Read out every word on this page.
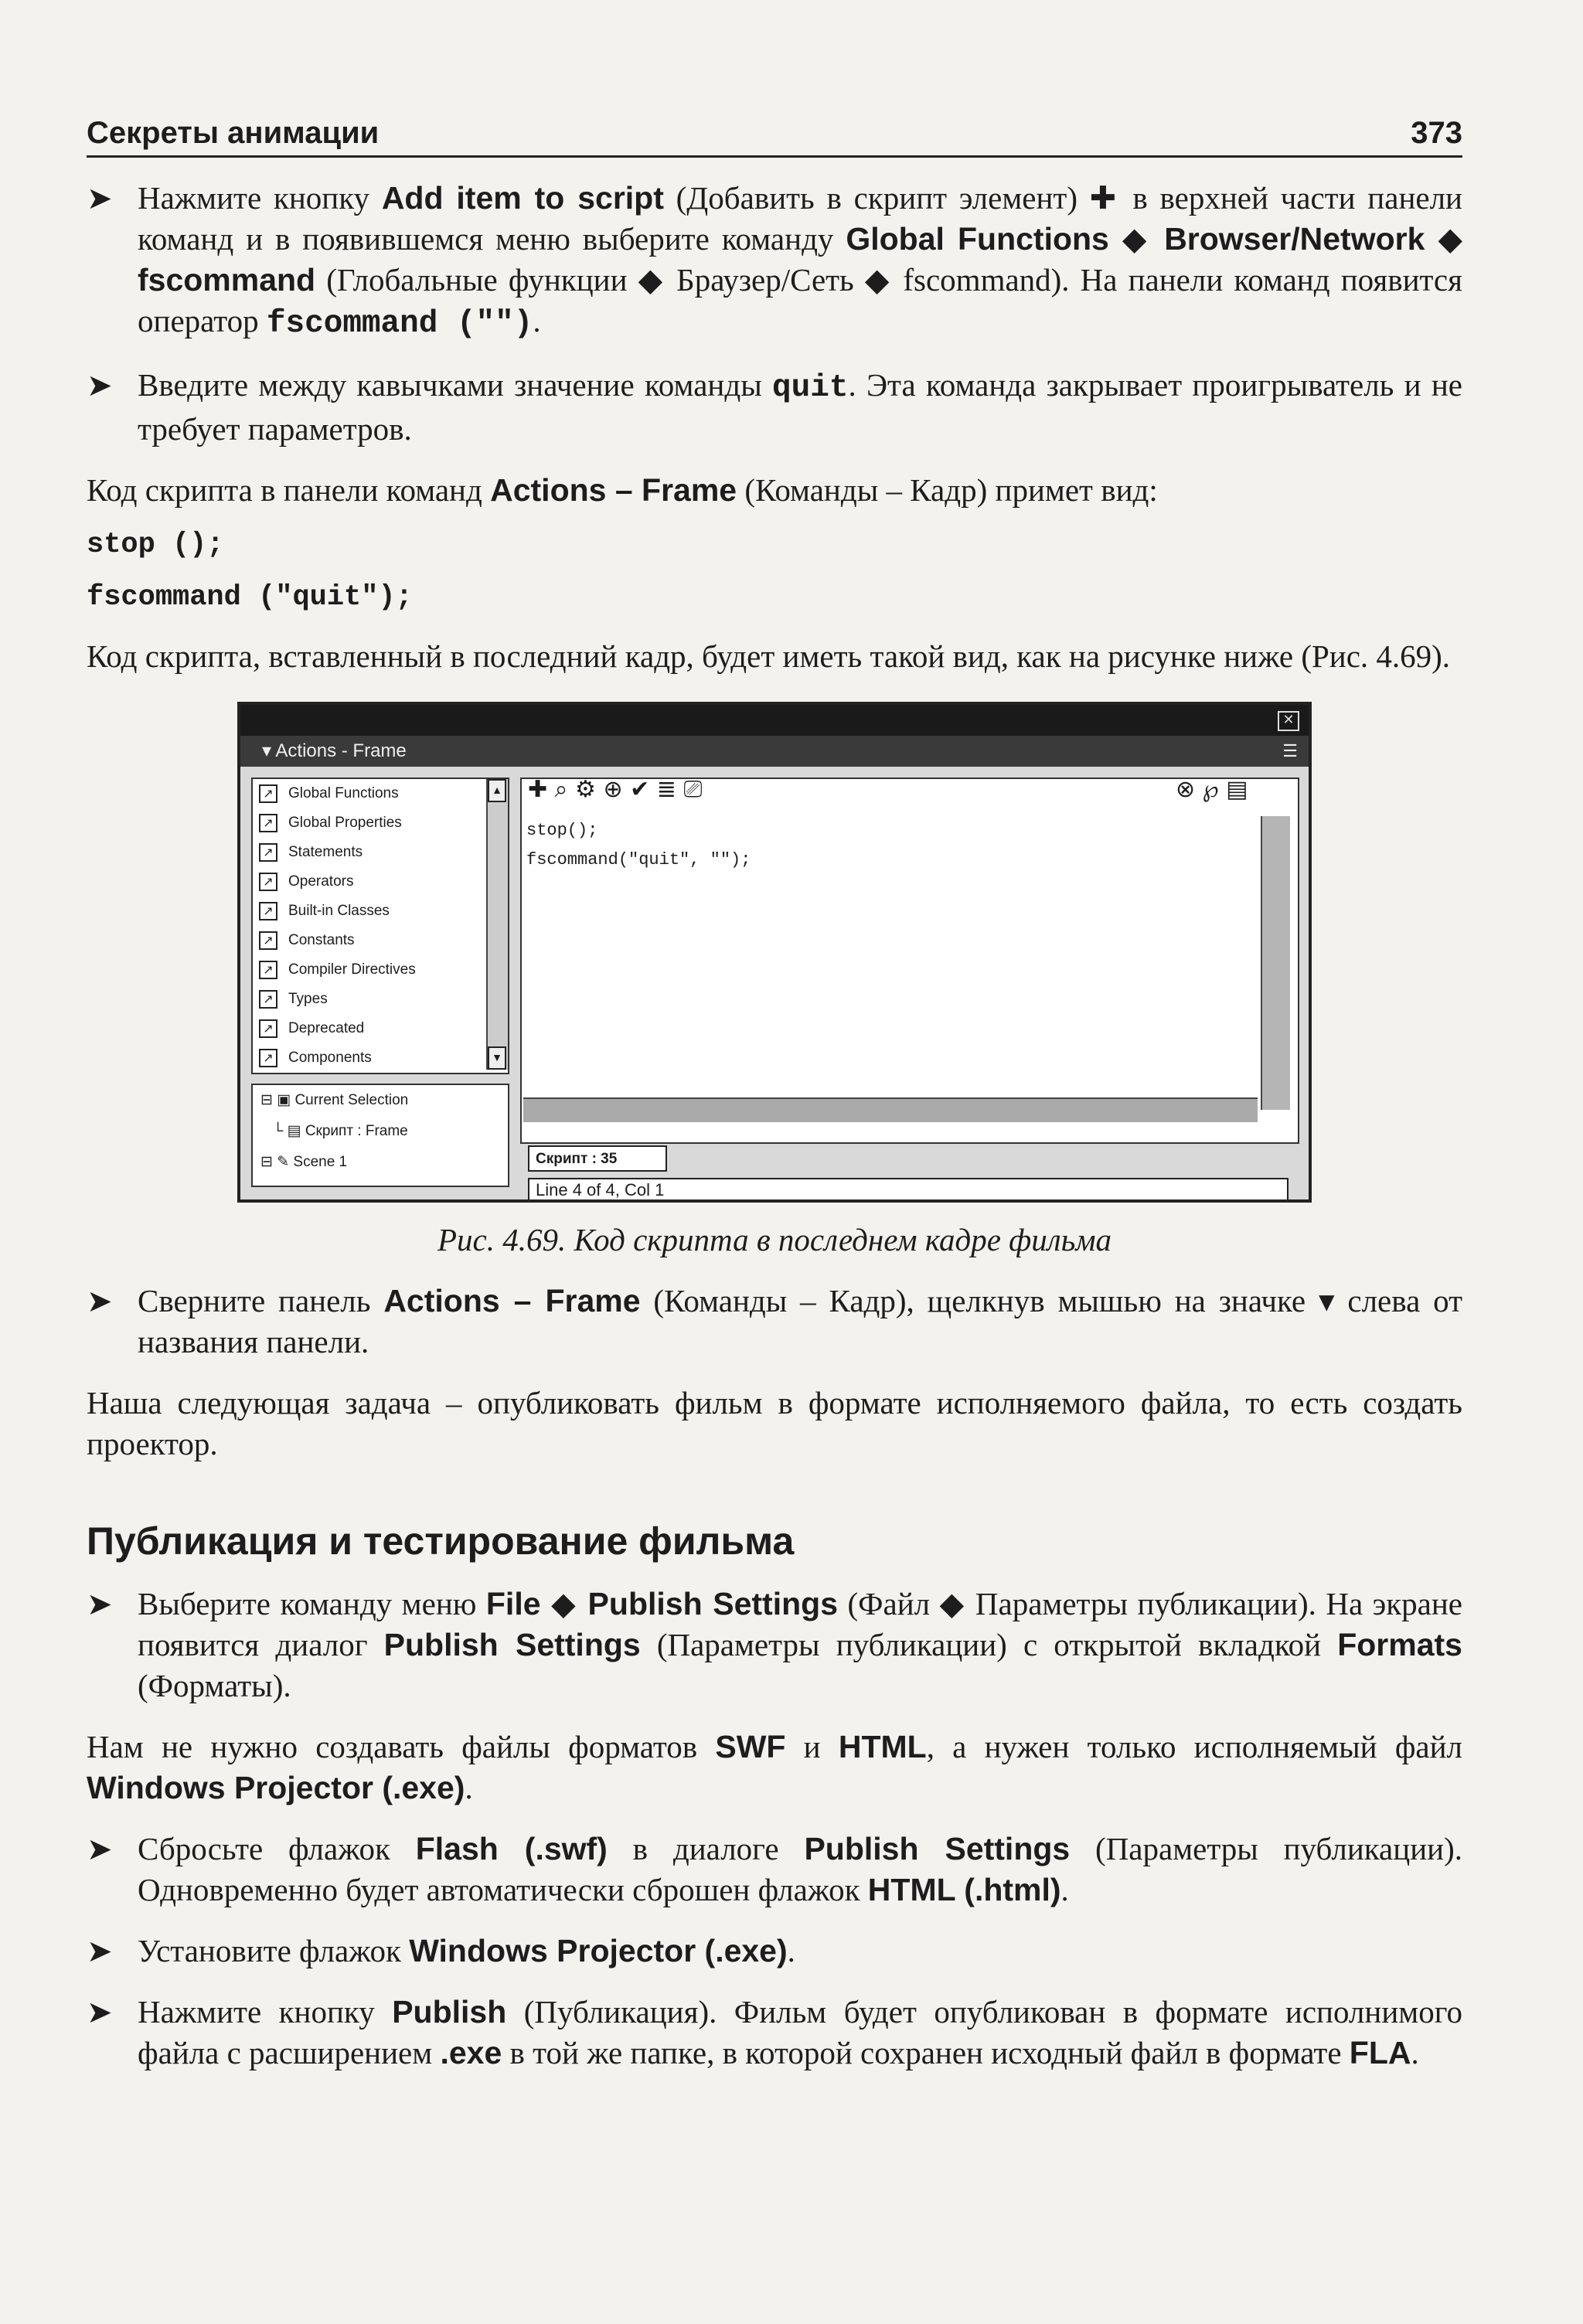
Секреты анимации	373

➤ Нажмите кнопку Add item to script (Добавить в скрипт элемент) ✚ в верхней части панели команд и в появившемся меню выберите команду Global Functions ◆ Browser/Network ◆ fscommand (Глобальные функции ◆ Браузер/Сеть ◆ fscommand). На панели команд появится оператор fscommand ("").

➤ Введите между кавычками значение команды quit. Эта команда закрывает проигрыватель и не требует параметров.

Код скрипта в панели команд Actions – Frame (Команды – Кадр) примет вид:

stop ();
fscommand ("quit");

Код скрипта, вставленный в последний кадр, будет иметь такой вид, как на рисунке ниже (Рис. 4.69).

✕
▾ Actions - Frame	☰
↗ Global Functions
↗ Global Properties
↗ Statements
↗ Operators
↗ Built-in Classes
↗ Constants
↗ Compiler Directives
↗ Types
↗ Deprecated
↗ Components
▲
▼
⊟ ▣ Current Selection
└ ▤ Скрипт : Frame
⊟ ✎ Scene 1
✚ ⌕ ⚙ ⊕ ✔ ≣ ⎚	⊗ ℘ ▤
stop();
fscommand("quit", "");
Скрипт : 35
Line 4 of 4, Col 1

Рис. 4.69. Код скрипта в последнем кадре фильма

➤ Сверните панель Actions – Frame (Команды – Кадр), щелкнув мышью на значке ▾ слева от названия панели.

Наша следующая задача – опубликовать фильм в формате исполняемого файла, то есть создать проектор.

Публикация и тестирование фильма

➤ Выберите команду меню File ◆ Publish Settings (Файл ◆ Параметры публикации). На экране появится диалог Publish Settings (Параметры публикации) с открытой вкладкой Formats (Форматы).

Нам не нужно создавать файлы форматов SWF и HTML, а нужен только исполняемый файл Windows Projector (.exe).

➤ Сбросьте флажок Flash (.swf) в диалоге Publish Settings (Параметры публикации). Одновременно будет автоматически сброшен флажок HTML (.html).

➤ Установите флажок Windows Projector (.exe).

➤ Нажмите кнопку Publish (Публикация). Фильм будет опубликован в формате исполнимого файла с расширением .exe в той же папке, в которой сохранен исходный файл в формате FLA.
